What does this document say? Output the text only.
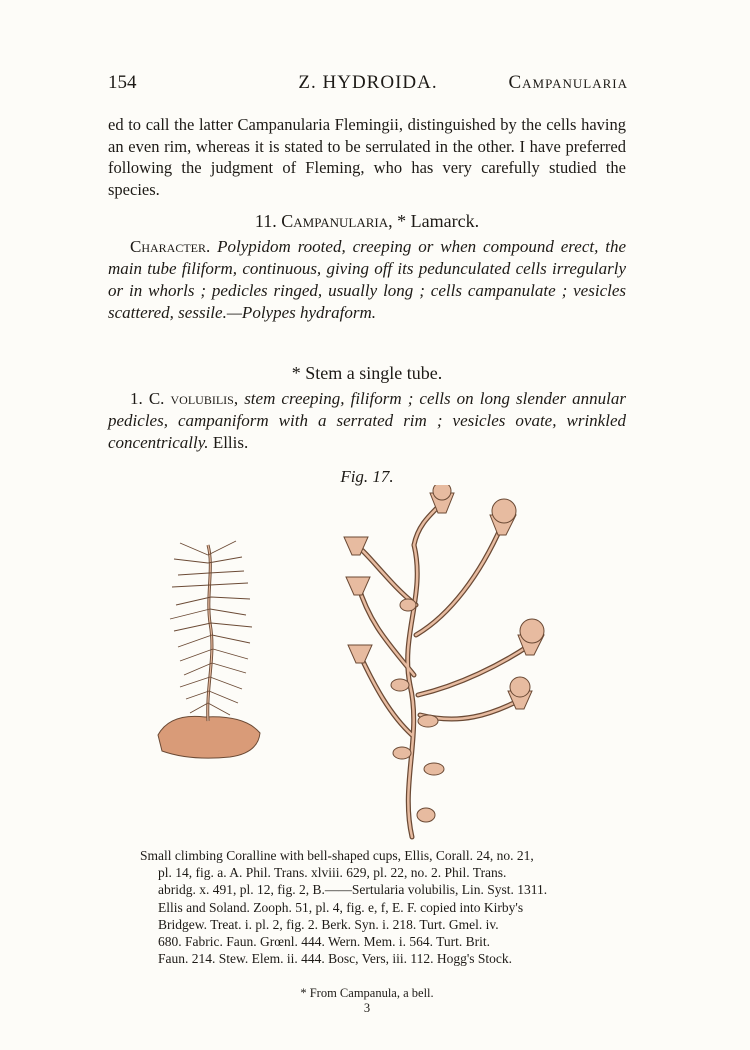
154	Z. HYDROIDA.	Campanularia
ed to call the latter Campanularia Flemingii, distinguished by the cells having an even rim, whereas it is stated to be serrulated in the other. I have preferred following the judgment of Fleming, who has very carefully studied the species.
11. Campanularia, * Lamarck.
Character. Polypidom rooted, creeping or when compound erect, the main tube filiform, continuous, giving off its pedunculated cells irregularly or in whorls ; pedicles ringed, usually long ; cells campanulate ; vesicles scattered, sessile.—Polypes hydraform.
* Stem a single tube.
1. C. volubilis, stem creeping, filiform ; cells on long slender annular pedicles, campaniform with a serrated rim ; vesicles ovate, wrinkled concentrically. Ellis.
Fig. 17.
Small climbing Coralline with bell-shaped cups, Ellis, Corall. 24, no. 21,
pl. 14, fig. a. A. Phil. Trans. xlviii. 629, pl. 22, no. 2. Phil. Trans.
abridg. x. 491, pl. 12, fig. 2, B.——Sertularia volubilis, Lin. Syst. 1311.
Ellis and Soland. Zooph. 51, pl. 4, fig. e, f, E. F. copied into Kirby's
Bridgew. Treat. i. pl. 2, fig. 2. Berk. Syn. i. 218. Turt. Gmel. iv.
680. Fabric. Faun. Grœnl. 444. Wern. Mem. i. 564. Turt. Brit.
Faun. 214. Stew. Elem. ii. 444. Bosc, Vers, iii. 112. Hogg's Stock.
* From Campanula, a bell.
3
